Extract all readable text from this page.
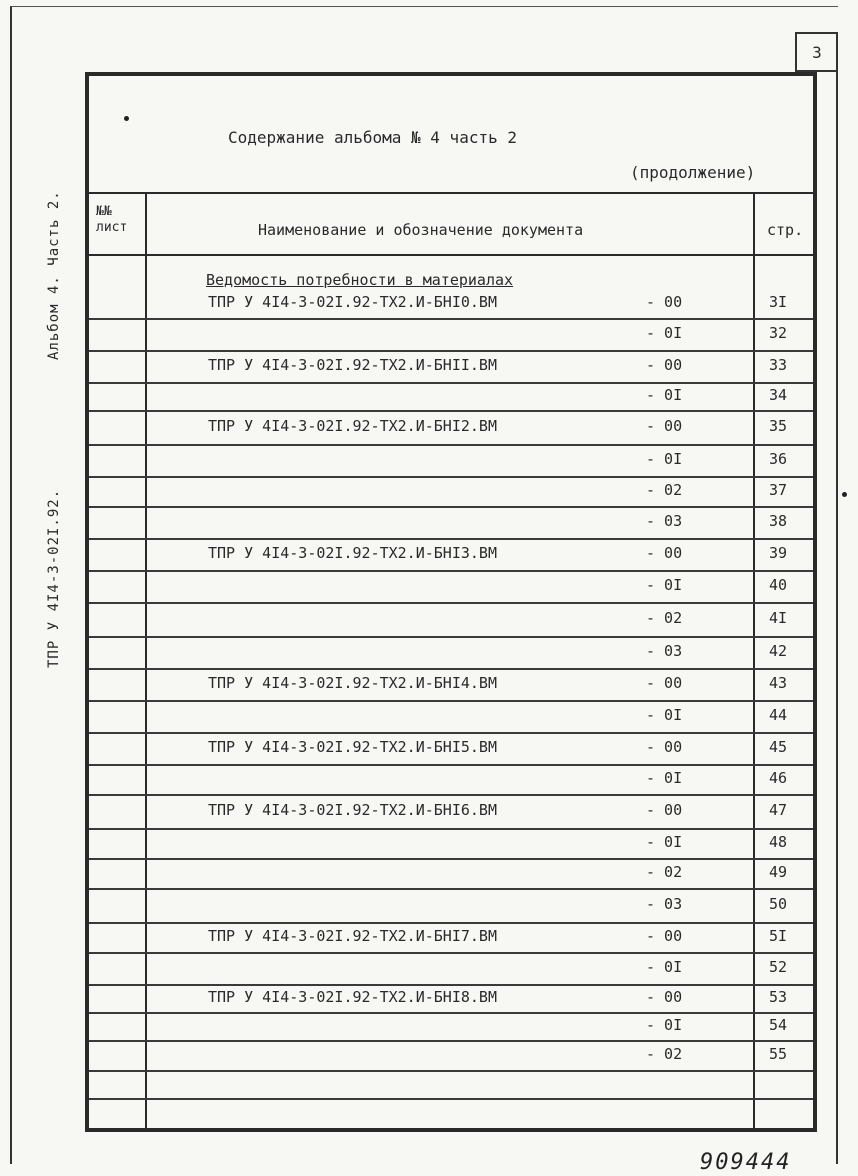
3
Альбом 4. Часть 2.
ТПР У 4I4-3-02I.92.
Содержание альбома № 4 часть 2
(продолжение)
№№
лист	Наименование и обозначение документа	стр.
Ведомость потребности в материалах
ТПР У 4I4-3-02I.92-ТХ2.И-БНI0.ВМ	- 00	3I
- 0I	32
ТПР У 4I4-3-02I.92-ТХ2.И-БНII.ВМ	- 00	33
- 0I	34
ТПР У 4I4-3-02I.92-ТХ2.И-БНI2.ВМ	- 00	35
- 0I	36
- 02	37
- 03	38
ТПР У 4I4-3-02I.92-ТХ2.И-БНI3.ВМ	- 00	39
- 0I	40
- 02	4I
- 03	42
ТПР У 4I4-3-02I.92-ТХ2.И-БНI4.ВМ	- 00	43
- 0I	44
ТПР У 4I4-3-02I.92-ТХ2.И-БНI5.ВМ	- 00	45
- 0I	46
ТПР У 4I4-3-02I.92-ТХ2.И-БНI6.ВМ	- 00	47
- 0I	48
- 02	49
- 03	50
ТПР У 4I4-3-02I.92-ТХ2.И-БНI7.ВМ	- 00	5I
- 0I	52
ТПР У 4I4-3-02I.92-ТХ2.И-БНI8.ВМ	- 00	53
- 0I	54
- 02	55
909444
